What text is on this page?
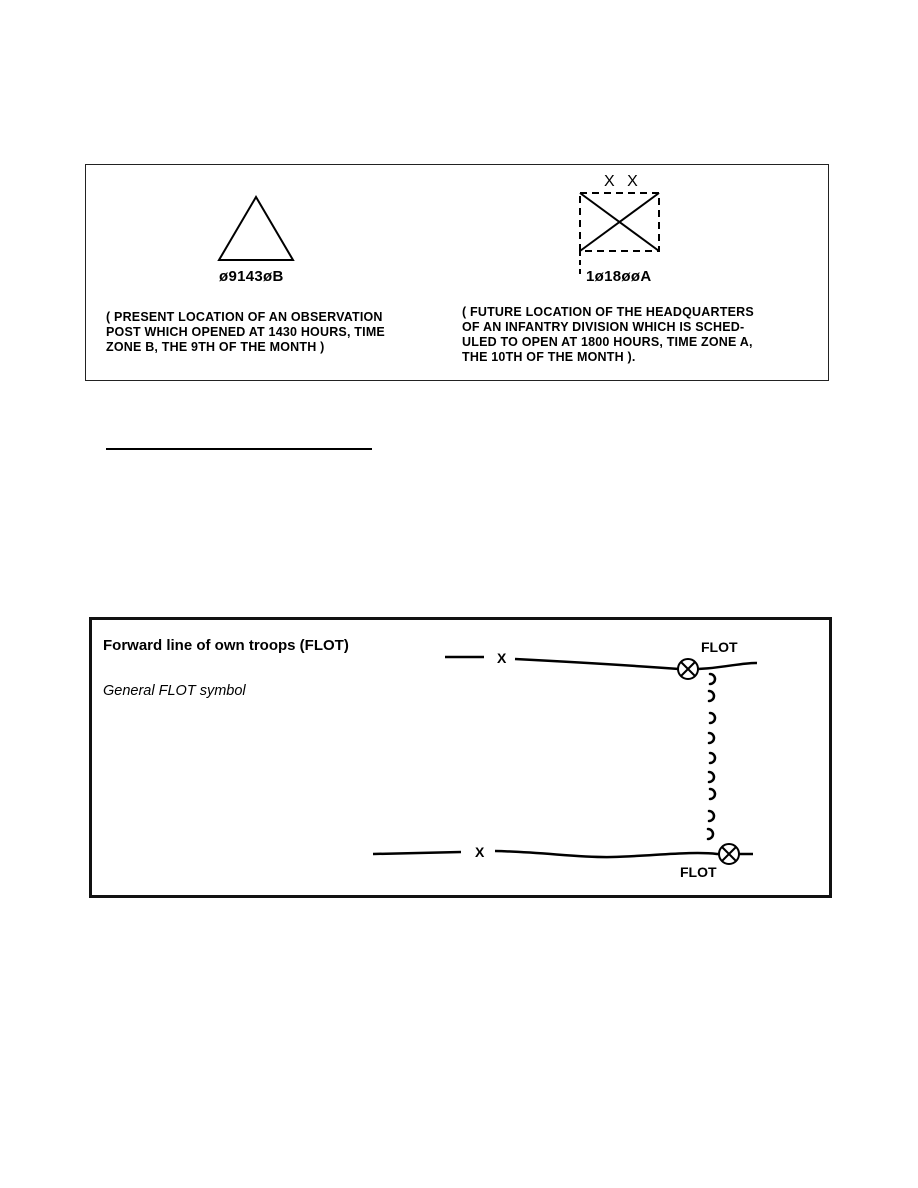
X X
ø9143øB	1ø18øøA
( PRESENT LOCATION OF AN OBSERVATION
POST WHICH OPENED AT 1430 HOURS, TIME
ZONE B, THE 9TH OF THE MONTH )
( FUTURE LOCATION OF THE HEADQUARTERS
OF AN INFANTRY DIVISION WHICH IS SCHED-
ULED TO OPEN AT 1800 HOURS, TIME ZONE A,
THE 10TH OF THE MONTH ).
Forward line of own troops (FLOT)
General FLOT symbol
X
X
FLOT
FLOT
